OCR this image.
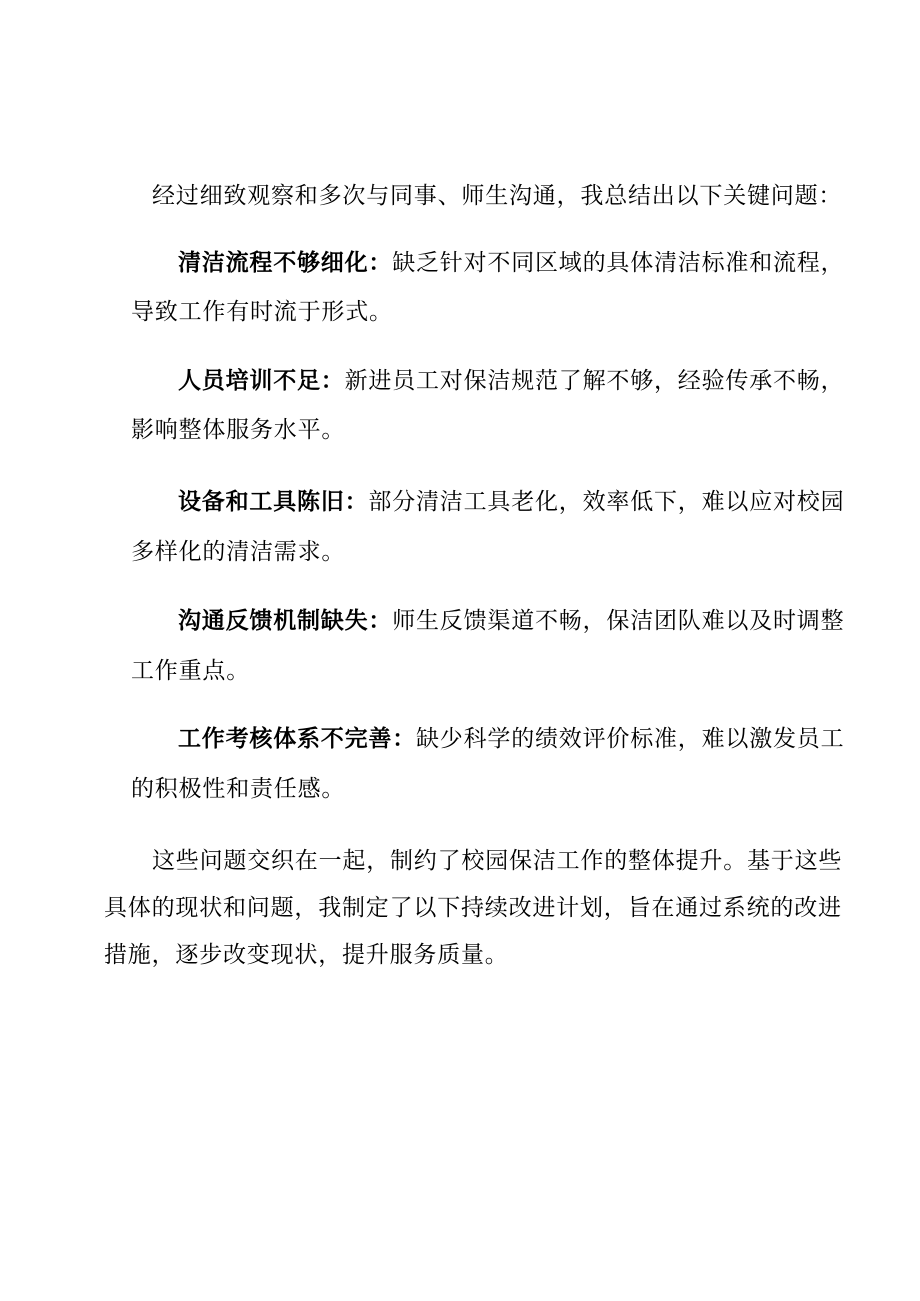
经过细致观察和多次与同事、师生沟通，我总结出以下关键问题：
清洁流程不够细化：缺乏针对不同区域的具体清洁标准和流程，
导致工作有时流于形式。
人员培训不足：新进员工对保洁规范了解不够，经验传承不畅，
影响整体服务水平。
设备和工具陈旧：部分清洁工具老化，效率低下，难以应对校园
多样化的清洁需求。
沟通反馈机制缺失：师生反馈渠道不畅，保洁团队难以及时调整
工作重点。
工作考核体系不完善：缺少科学的绩效评价标准，难以激发员工
的积极性和责任感。
这些问题交织在一起，制约了校园保洁工作的整体提升。基于这些
具体的现状和问题，我制定了以下持续改进计划，旨在通过系统的改进
措施，逐步改变现状，提升服务质量。
